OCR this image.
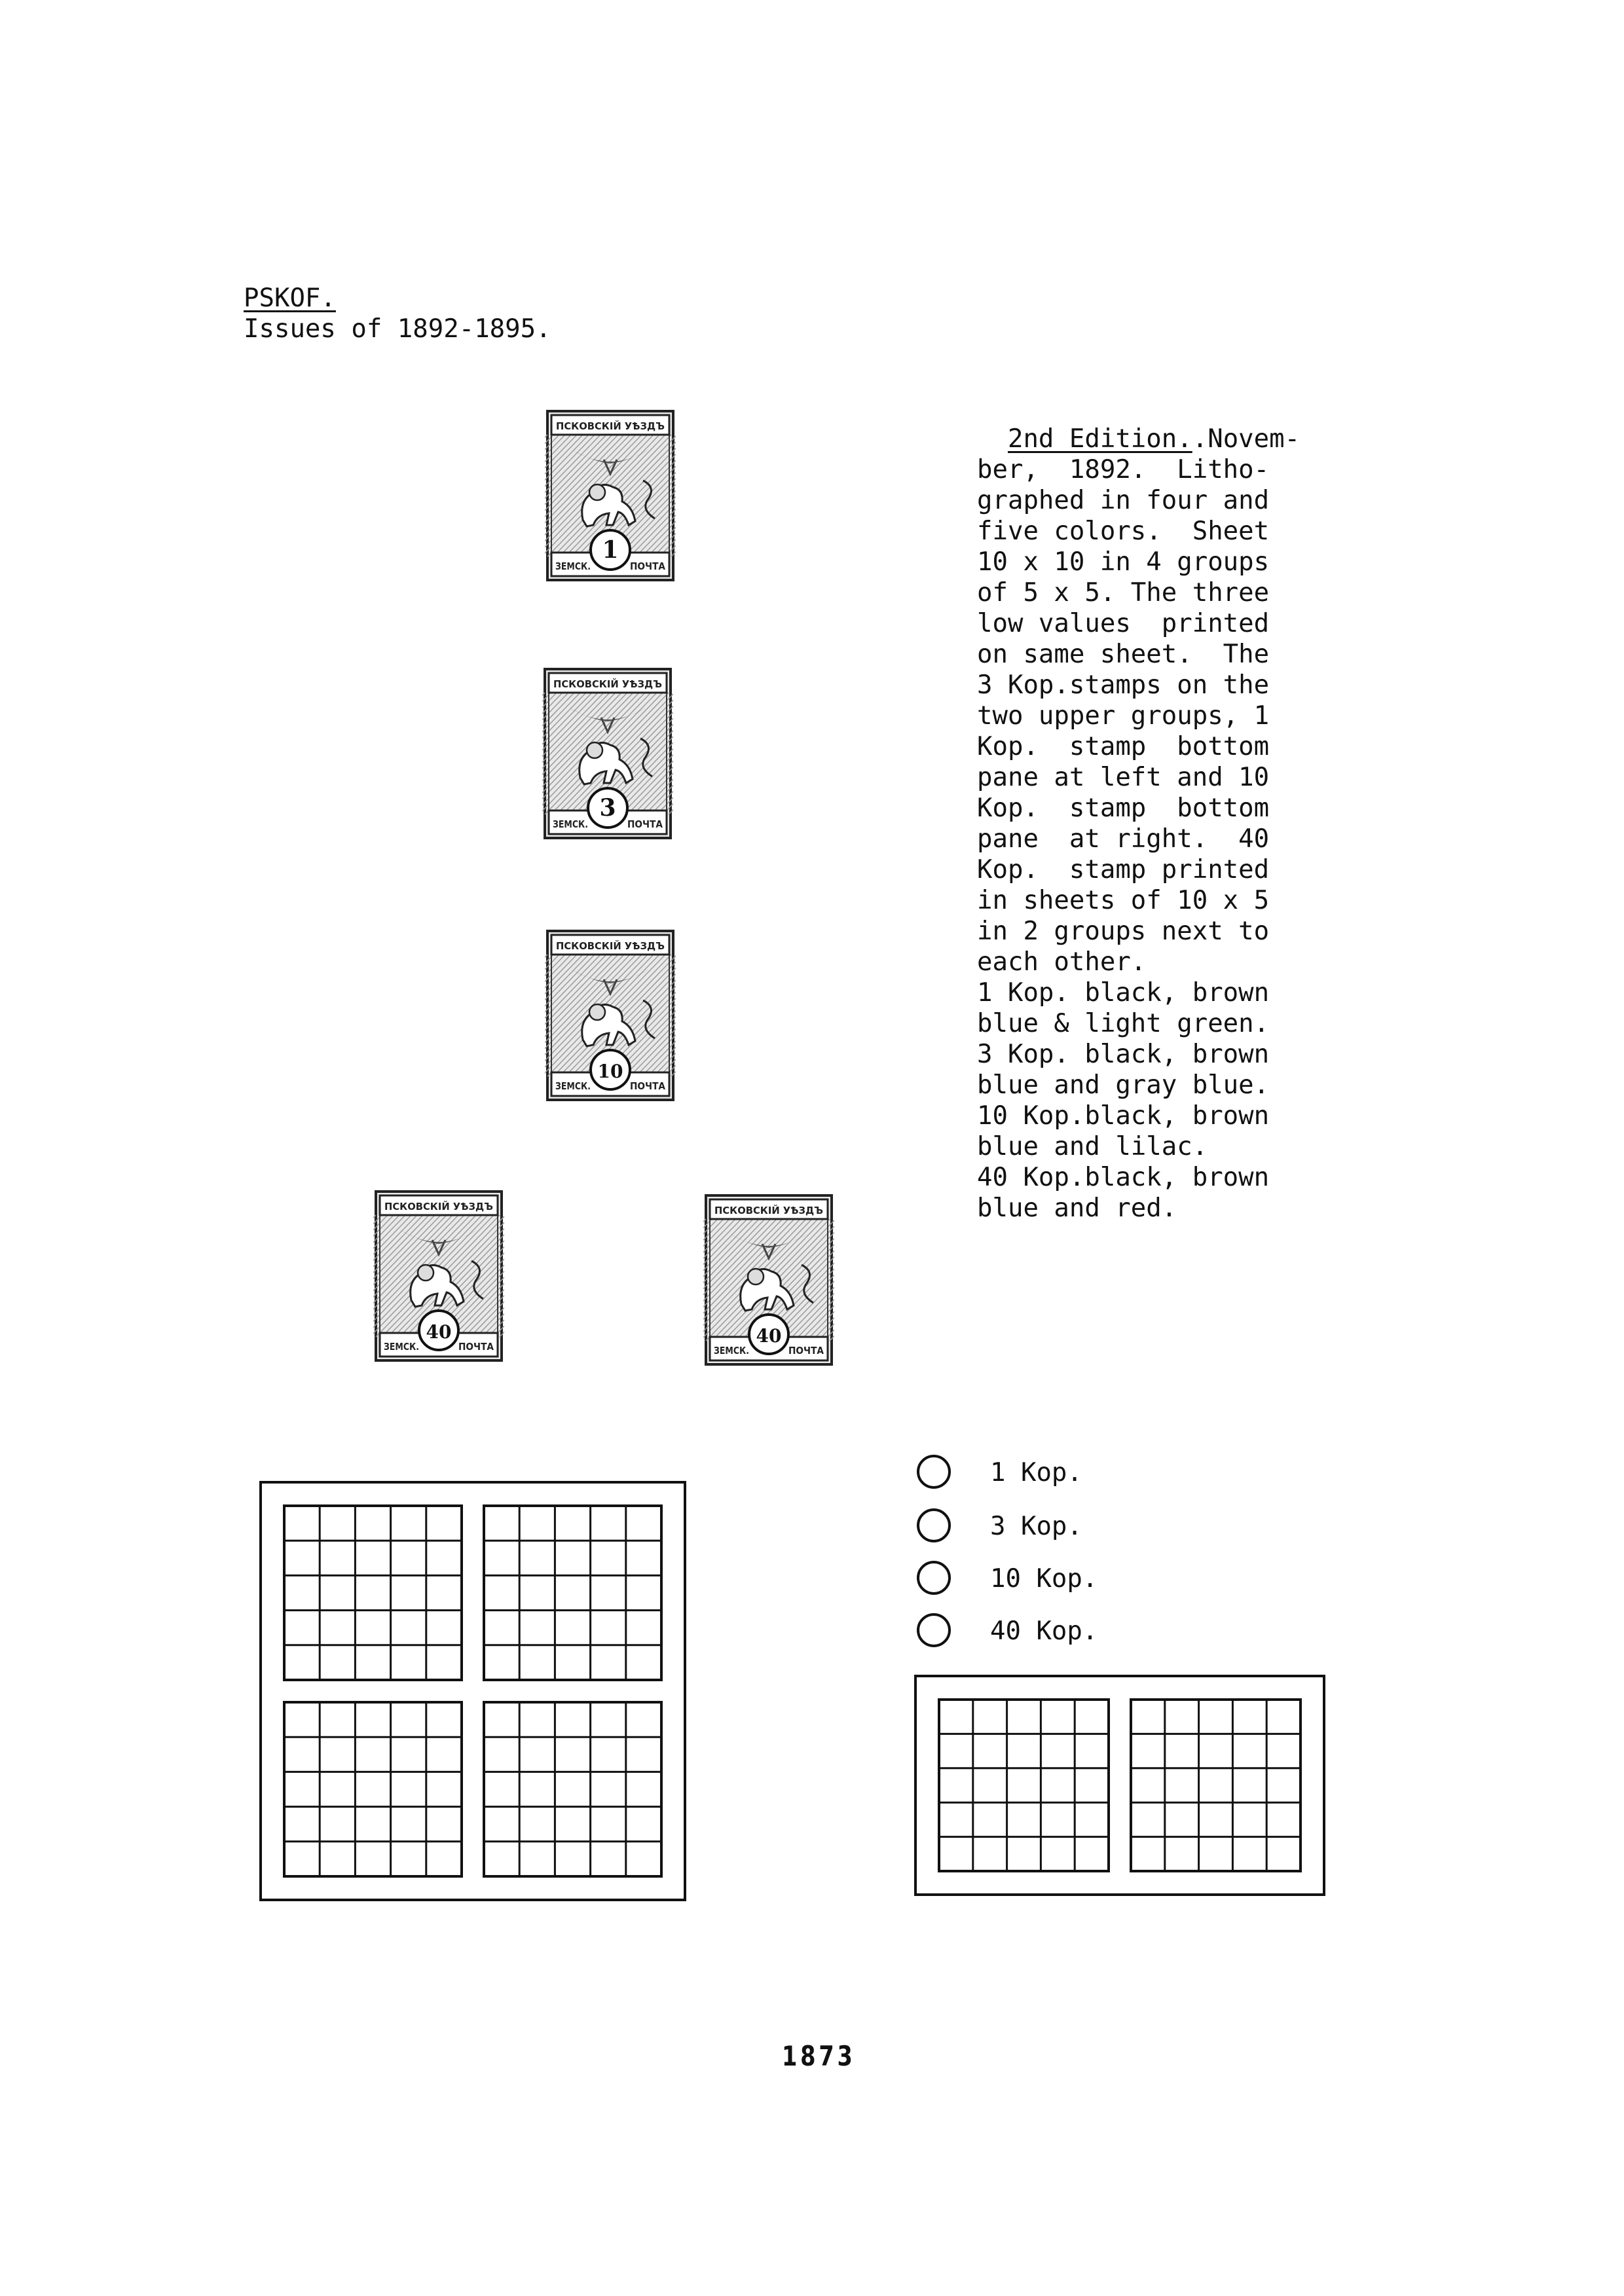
PSKOF.
Issues of 1892-1895.
ПСКОВСКІЙ УѢЗДЪ
ЗЕМСК.	ПОЧТА
1
ПСКОВСКІЙ УѢЗДЪ
ЗЕМСК.	ПОЧТА
3
ПСКОВСКІЙ УѢЗДЪ
ЗЕМСК.	ПОЧТА
10
ПСКОВСКІЙ УѢЗДЪ
ЗЕМСК.	ПОЧТА
40
ПСКОВСКІЙ УѢЗДЪ
ЗЕМСК.	ПОЧТА
40

2nd Edition..Novem-
ber,  1892.  Litho-
graphed in four and
five colors.  Sheet
10 x 10 in 4 groups
of 5 x 5. The three
low values  printed
on same sheet.  The
3 Kop.stamps on the
two upper groups, 1
Kop.  stamp  bottom
pane at left and 10
Kop.  stamp  bottom
pane  at right.  40
Kop.  stamp printed
in sheets of 10 x 5
in 2 groups next to
each other.
1 Kop. black, brown
blue & light green.
3 Kop. black, brown
blue and gray blue.
10 Kop.black, brown
blue and lilac.
40 Kop.black, brown
blue and red.

1 Kop.
3 Kop.
10 Kop.
40 Kop.
1873
